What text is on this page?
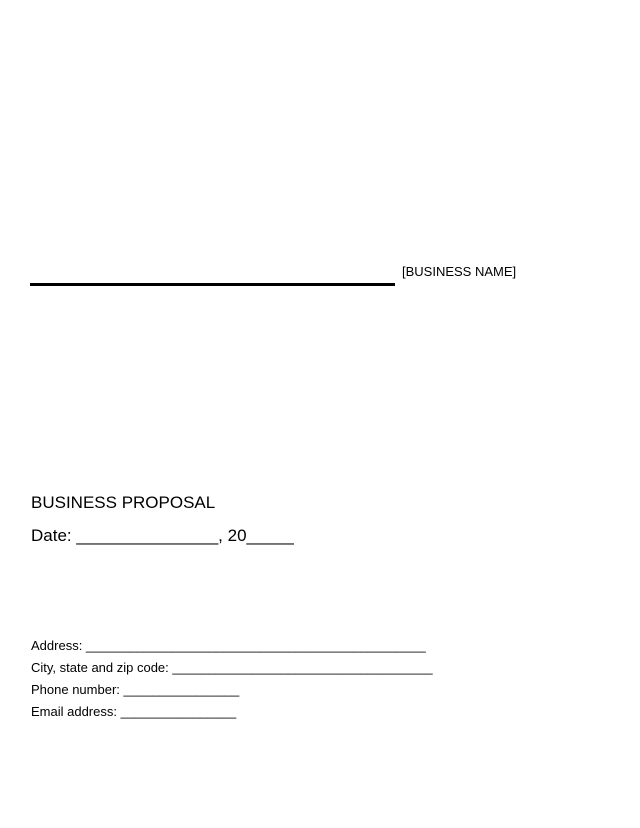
[BUSINESS NAME]
BUSINESS PROPOSAL
Date: _______________, 20_____
Address: _______________________________________________
City, state and zip code: ____________________________________
Phone number: ________________
Email address: ________________
